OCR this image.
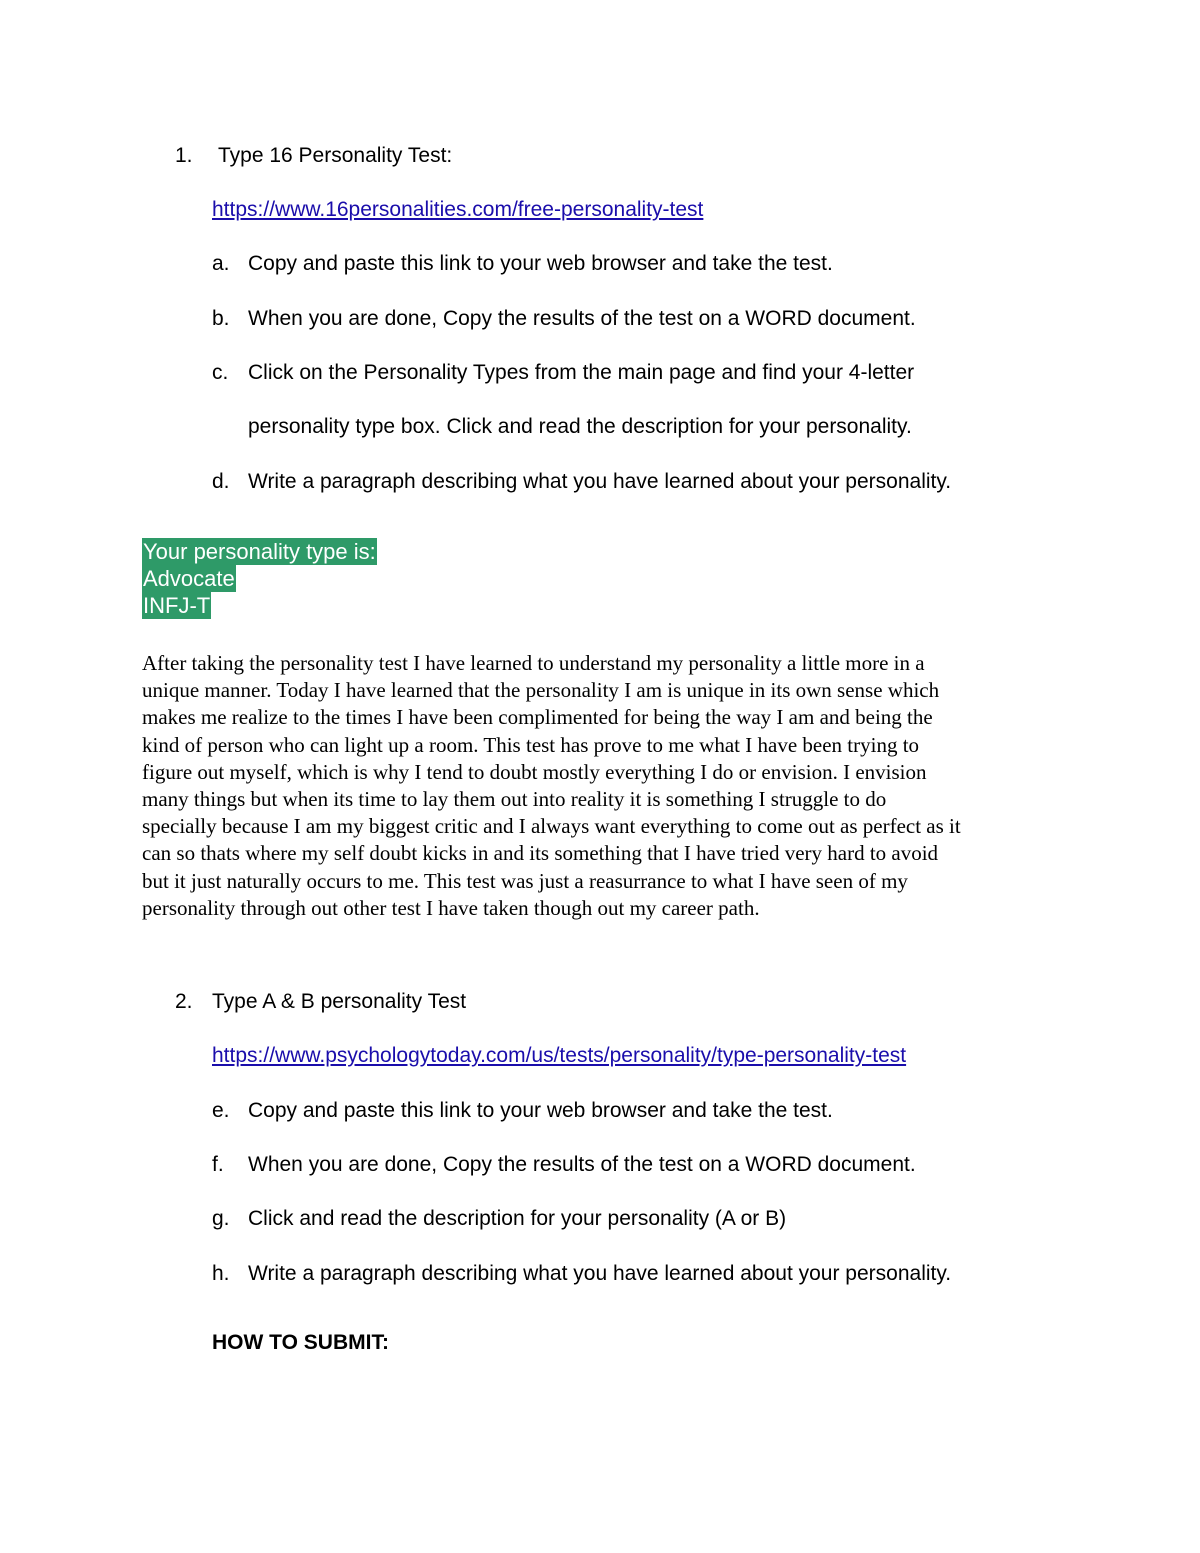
1. Type 16 Personality Test:
https://www.16personalities.com/free-personality-test
a. Copy and paste this link to your web browser and take the test.
b. When you are done, Copy the results of the test on a WORD document.
c. Click on the Personality Types from the main page and find your 4-letter
personality type box. Click and read the description for your personality.
d. Write a paragraph describing what you have learned about your personality.
Your personality type is:
Advocate
INFJ-T
After taking the personality test I have learned to understand my personality a little more in a
unique manner. Today I have learned that the personality I am is unique in its own sense which
makes me realize to the times I have been complimented for being the way I am and being the
kind of person who can light up a room. This test has prove to me what I have been trying to
figure out myself, which is why I tend to doubt mostly everything I do or envision. I envision
many things but when its time to lay them out into reality it is something I struggle to do
specially because I am my biggest critic and I always want everything to come out as perfect as it
can so thats where my self doubt kicks in and its something that I have tried very hard to avoid
but it just naturally occurs to me. This test was just a reasurrance to what I have seen of my
personality through out other test I have taken though out my career path.
2. Type A & B personality Test
https://www.psychologytoday.com/us/tests/personality/type-personality-test
e. Copy and paste this link to your web browser and take the test.
f. When you are done, Copy the results of the test on a WORD document.
g. Click and read the description for your personality (A or B)
h. Write a paragraph describing what you have learned about your personality.
HOW TO SUBMIT:
